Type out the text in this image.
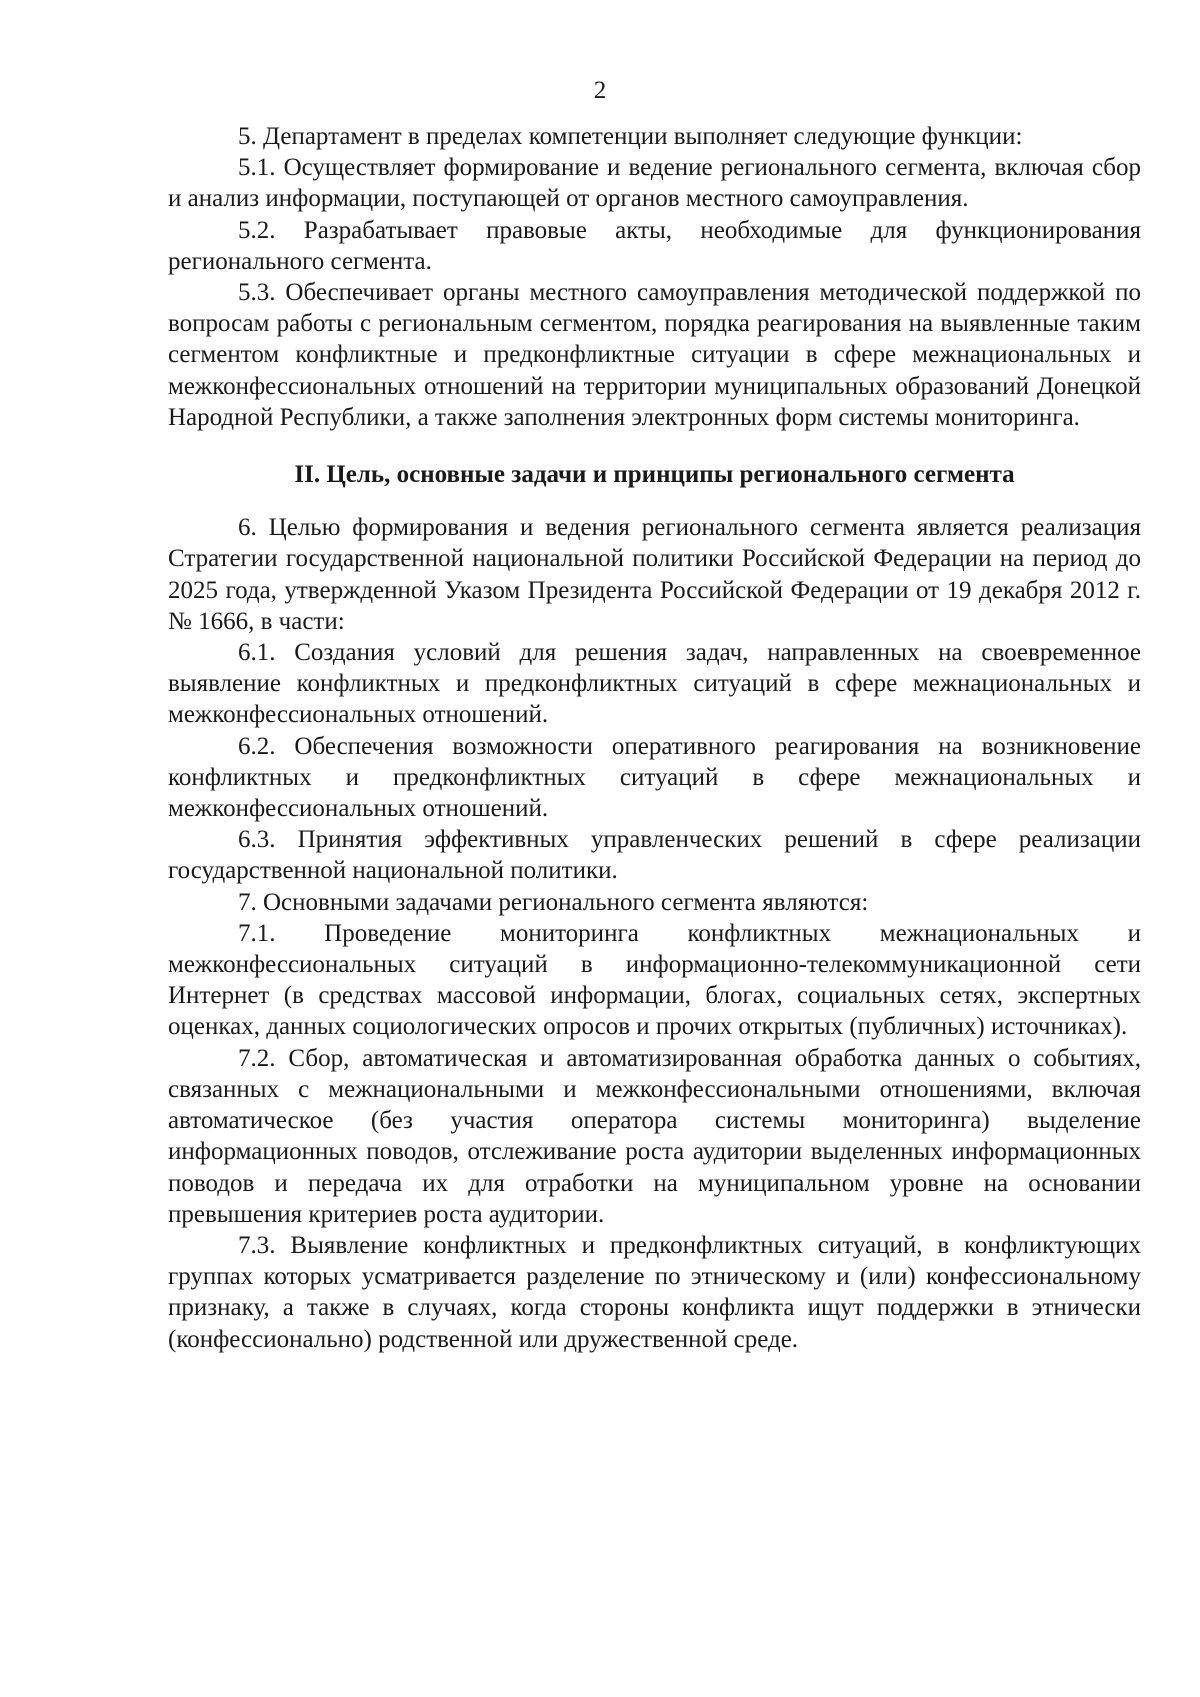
2

5. Департамент в пределах компетенции выполняет следующие функции:

5.1. Осуществляет формирование и ведение регионального сегмента, включая сбор и анализ информации, поступающей от органов местного самоуправления.

5.2. Разрабатывает правовые акты, необходимые для функционирования регионального сегмента.

5.3. Обеспечивает органы местного самоуправления методической поддержкой по вопросам работы с региональным сегментом, порядка реагирования на выявленные таким сегментом конфликтные и предконфликтные ситуации в сфере межнациональных и межконфессиональных отношений на территории муниципальных образований Донецкой Народной Республики, а также заполнения электронных форм системы мониторинга.

II. Цель, основные задачи и принципы регионального сегмента

6. Целью формирования и ведения регионального сегмента является реализация Стратегии государственной национальной политики Российской Федерации на период до 2025 года, утвержденной Указом Президента Российской Федерации от 19 декабря 2012 г. № 1666, в части:

6.1. Создания условий для решения задач, направленных на своевременное выявление конфликтных и предконфликтных ситуаций в сфере межнациональных и межконфессиональных отношений.

6.2. Обеспечения возможности оперативного реагирования на возникновение конфликтных и предконфликтных ситуаций в сфере межнациональных и межконфессиональных отношений.

6.3. Принятия эффективных управленческих решений в сфере реализации государственной национальной политики.

7. Основными задачами регионального сегмента являются:

7.1. Проведение мониторинга конфликтных межнациональных и межконфессиональных ситуаций в информационно-телекоммуникационной сети Интернет (в средствах массовой информации, блогах, социальных сетях, экспертных оценках, данных социологических опросов и прочих открытых (публичных) источниках).

7.2. Сбор, автоматическая и автоматизированная обработка данных о событиях, связанных с межнациональными и межконфессиональными отношениями, включая автоматическое (без участия оператора системы мониторинга) выделение информационных поводов, отслеживание роста аудитории выделенных информационных поводов и передача их для отработки на муниципальном уровне на основании превышения критериев роста аудитории.

7.3. Выявление конфликтных и предконфликтных ситуаций, в конфликтующих группах которых усматривается разделение по этническому и (или) конфессиональному признаку, а также в случаях, когда стороны конфликта ищут поддержки в этнически (конфессионально) родственной или дружественной среде.
